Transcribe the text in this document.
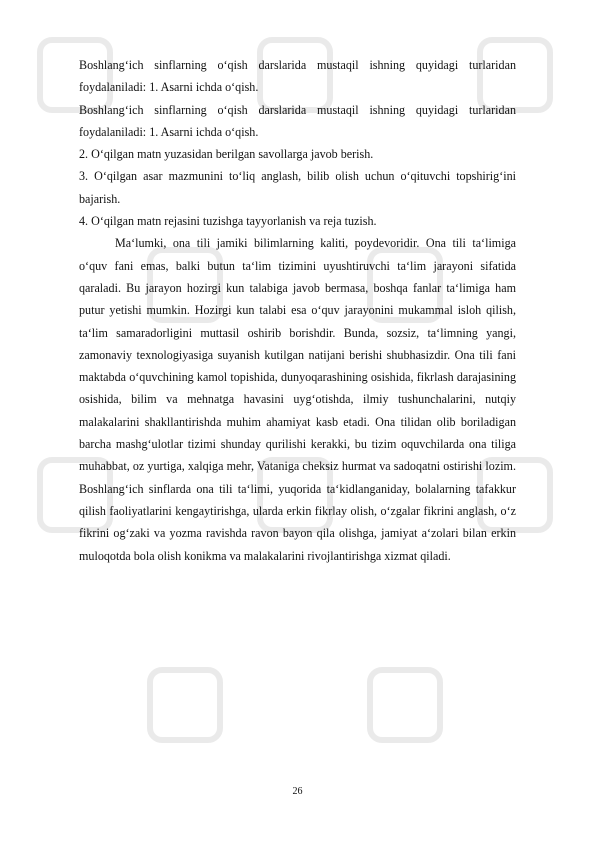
Boshlang‘ich sinflarning o‘qish darslarida mustaqil ishning quyidagi turlaridan foydalaniladi: 1. Asarni ichda o‘qish.

Boshlang‘ich sinflarning o‘qish darslarida mustaqil ishning quyidagi turlaridan foydalaniladi: 1. Asarni ichda o‘qish.

2. O‘qilgan matn yuzasidan berilgan savollarga javob berish.

3. O‘qilgan asar mazmunini to‘liq anglash, bilib olish uchun o‘qituvchi topshirig‘ini bajarish.

4. O‘qilgan matn rejasini tuzishga tayyorlanish va reja tuzish.

Ma‘lumki, ona tili jamiki bilimlarning kaliti, poydevoridir. Ona tili ta‘limiga o‘quv fani emas, balki butun ta‘lim tizimini uyushtiruvchi ta‘lim jarayoni sifatida qaraladi. Bu jarayon hozirgi kun talabiga javob bermasa, boshqa fanlar ta‘limiga ham putur yetishi mumkin. Hozirgi kun talabi esa o‘quv jarayonini mukammal isloh qilish, ta‘lim samaradorligini muttasil oshirib borishdir. Bunda, sozsiz, ta‘limning yangi, zamonaviy texnologiyasiga suyanish kutilgan natijani berishi shubhasizdir. Ona tili fani maktabda o‘quvchining kamol topishida, dunyoqarashining osishida, fikrlash darajasining osishida, bilim va mehnatga havasini uyg‘otishda, ilmiy tushunchalarini, nutqiy malakalarini shakllantirishda muhim ahamiyat kasb etadi. Ona tilidan olib boriladigan barcha mashg‘ulotlar tizimi shunday qurilishi kerakki, bu tizim oquvchilarda ona tiliga muhabbat, oz yurtiga, xalqiga mehr, Vataniga cheksiz hurmat va sadoqatni ostirishi lozim. Boshlang‘ich sinflarda ona tili ta‘limi, yuqorida ta‘kidlanganiday, bolalarning tafakkur qilish faoliyatlarini kengaytirishga, ularda erkin fikrlay olish, o‘zgalar fikrini anglash, o‘z fikrini og‘zaki va yozma ravishda ravon bayon qila olishga, jamiyat a‘zolari bilan erkin muloqotda bola olish konikma va malakalarini rivojlantirishga xizmat qiladi.

26
